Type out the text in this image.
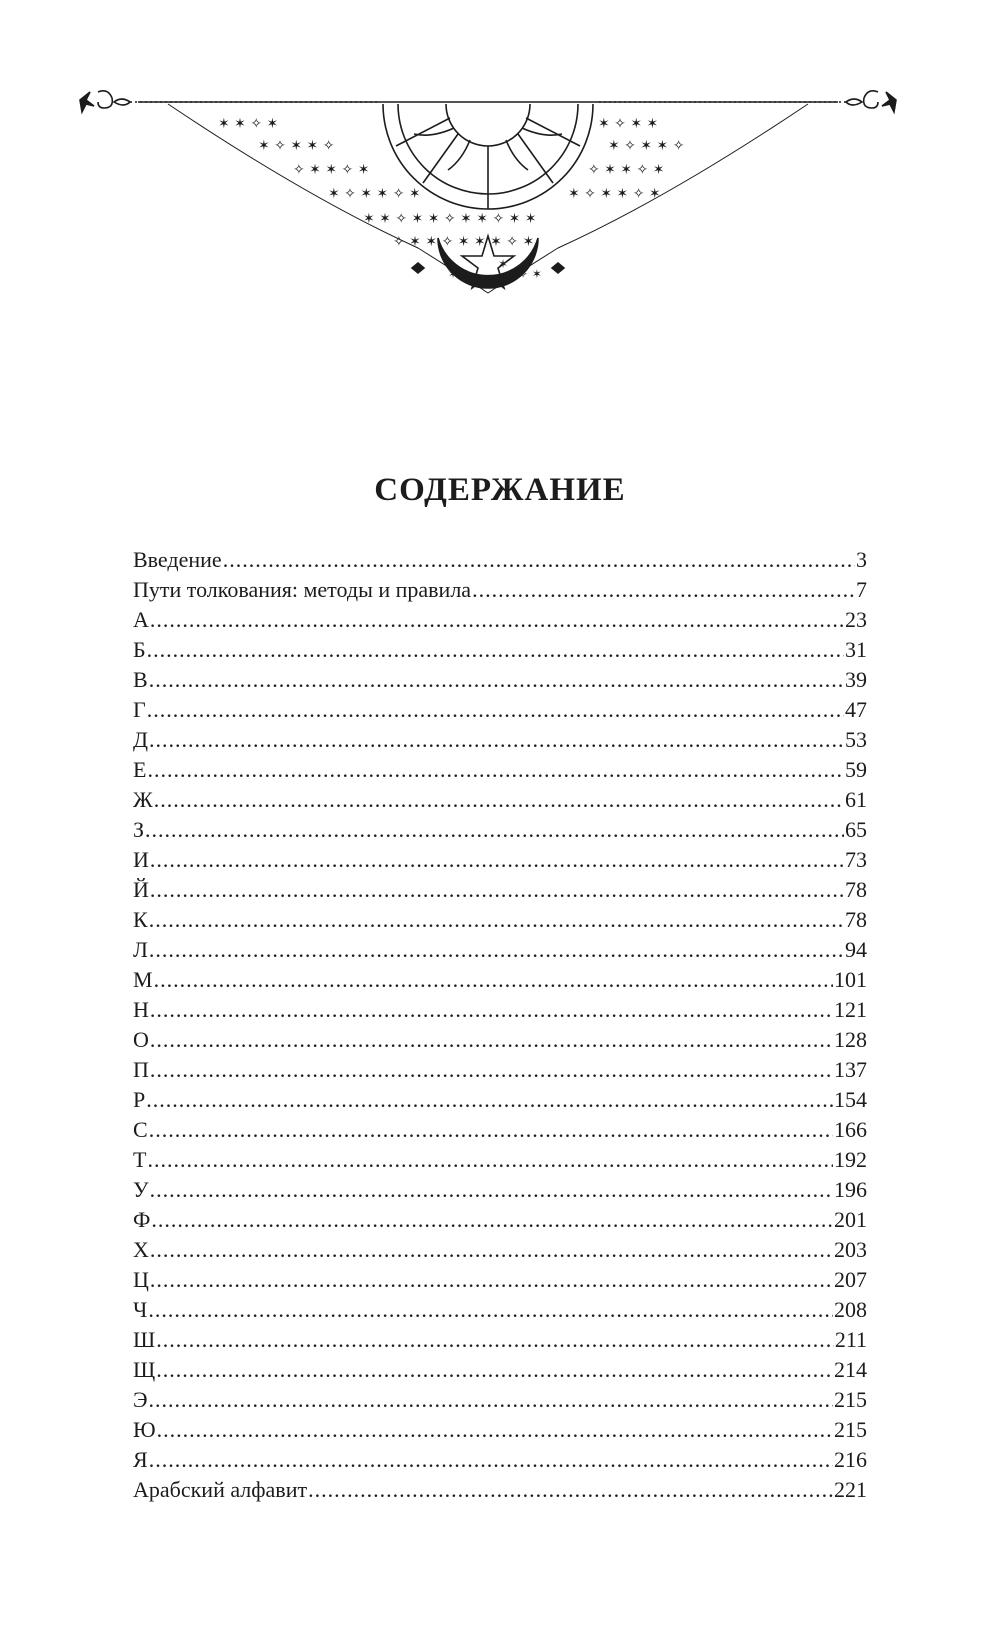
✶ ✶ ✧ ✶
✶ ✧ ✶ ✶ ✧
✧ ✶ ✶ ✧ ✶
✶ ✧ ✶ ✶ ✧ ✶
✶ ✶ ✧ ✶ ✶ ✧ ✶ ✶ ✧ ✶ ✶
✧ ✶ ✶ ✧ ✶ ✶ ✶ ✧ ✶
✶ ✧ ✶ ✶
✶ ✧ ✶ ✶ ✧
✧ ✶ ✶ ✧ ✶
✶ ✧ ✶ ✶ ✧ ✶
✶
✶ ✧	✧ ✶
СОДЕРЖАНИЕ
Введение .....	3
Пути толкования: методы и правила .....	7
А .....	23
Б .....	31
В .....	39
Г .....	47
Д .....	53
Е .....	59
Ж .....	61
З .....	65
И .....	73
Й .....	78
К .....	78
Л .....	94
М .....	101
Н .....	121
О .....	128
П .....	137
Р .....	154
С .....	166
Т .....	192
У .....	196
Ф .....	201
Х .....	203
Ц .....	207
Ч .....	208
Ш .....	211
Щ .....	214
Э .....	215
Ю .....	215
Я .....	216
Арабский алфавит .....	221
